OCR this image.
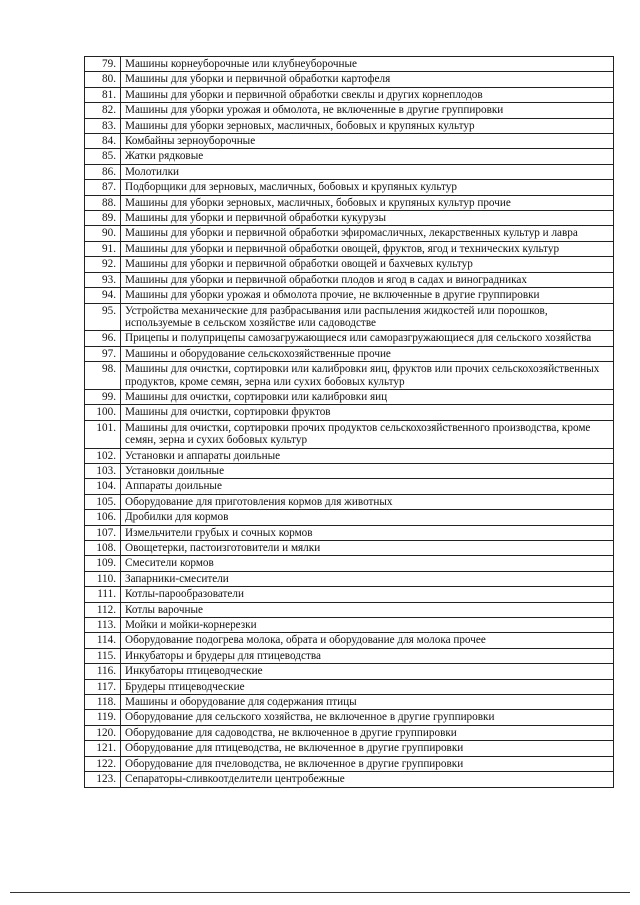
79.	Машины корнеуборочные или клубнеуборочные
80.	Машины для уборки и первичной обработки картофеля
81.	Машины для уборки и первичной обработки свеклы и других корнеплодов
82.	Машины для уборки урожая и обмолота, не включенные в другие группировки
83.	Машины для уборки зерновых, масличных, бобовых и крупяных культур
84.	Комбайны зерноуборочные
85.	Жатки рядковые
86.	Молотилки
87.	Подборщики для зерновых, масличных, бобовых и крупяных культур
88.	Машины для уборки зерновых, масличных, бобовых и крупяных культур прочие
89.	Машины для уборки и первичной обработки кукурузы
90.	Машины для уборки и первичной обработки эфиромасличных, лекарственных культур и лавра
91.	Машины для уборки и первичной обработки овощей, фруктов, ягод и технических культур
92.	Машины для уборки и первичной обработки овощей и бахчевых культур
93.	Машины для уборки и первичной обработки плодов и ягод в садах и виноградниках
94.	Машины для уборки урожая и обмолота прочие, не включенные в другие группировки
95.	Устройства механические для разбрасывания или распыления жидкостей или порошков, используемые в сельском хозяйстве или садоводстве
96.	Прицепы и полуприцепы самозагружающиеся или саморазгружающиеся для сельского хозяйства
97.	Машины и оборудование сельскохозяйственные прочие
98.	Машины для очистки, сортировки или калибровки яиц, фруктов или прочих сельскохозяйственных продуктов, кроме семян, зерна или сухих бобовых культур
99.	Машины для очистки, сортировки или калибровки яиц
100.	Машины для очистки, сортировки фруктов
101.	Машины для очистки, сортировки прочих продуктов сельскохозяйственного производства, кроме семян, зерна и сухих бобовых культур
102.	Установки и аппараты доильные
103.	Установки доильные
104.	Аппараты доильные
105.	Оборудование для приготовления кормов для животных
106.	Дробилки для кормов
107.	Измельчители грубых и сочных кормов
108.	Овощетерки, пастоизготовители и мялки
109.	Смесители кормов
110.	Запарники-смесители
111.	Котлы-парообразователи
112.	Котлы варочные
113.	Мойки и мойки-корнерезки
114.	Оборудование подогрева молока, обрата и оборудование для молока прочее
115.	Инкубаторы и брудеры для птицеводства
116.	Инкубаторы птицеводческие
117.	Брудеры птицеводческие
118.	Машины и оборудование для содержания птицы
119.	Оборудование для сельского хозяйства, не включенное в другие группировки
120.	Оборудование для садоводства, не включенное в другие группировки
121.	Оборудование для птицеводства, не включенное в другие группировки
122.	Оборудование для пчеловодства, не включенное в другие группировки
123.	Сепараторы-сливкоотделители центробежные
